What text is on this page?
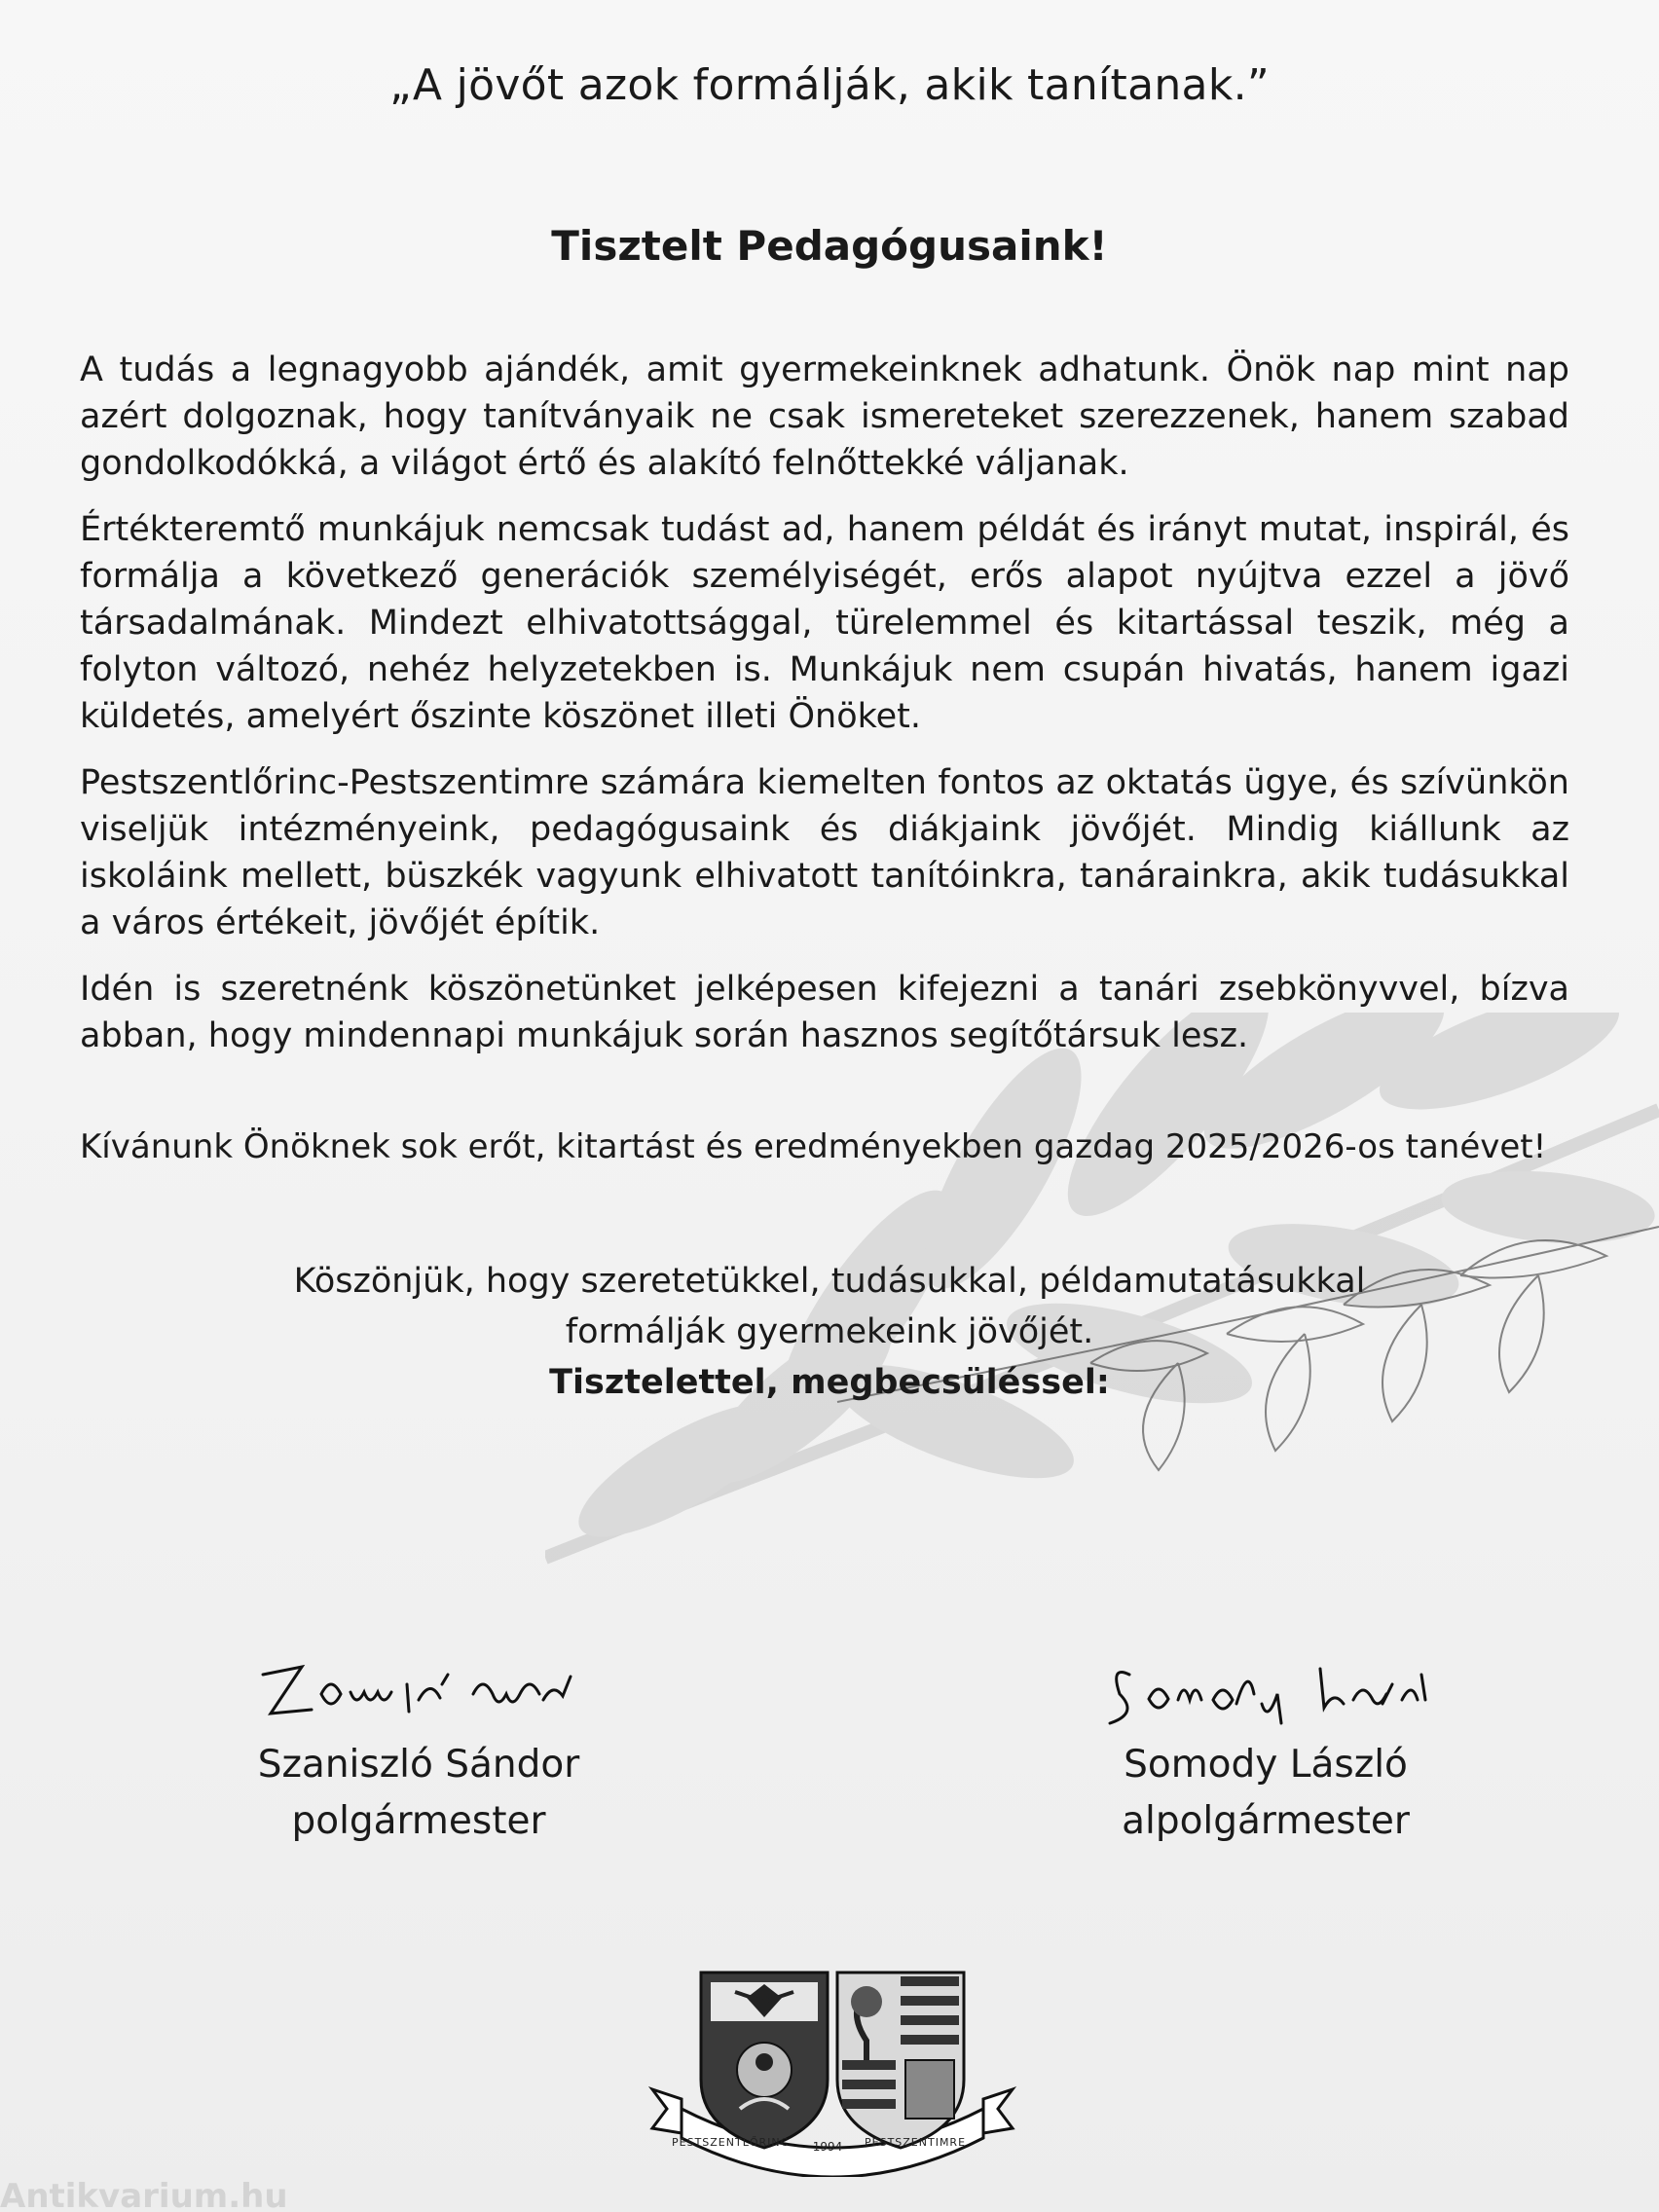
„A jövőt azok formálják, akik tanítanak.”
Tisztelt Pedagógusaink!

A tudás a legnagyobb ajándék, amit gyermekeinknek adhatunk. Önök nap mint nap azért dolgoznak, hogy tanítványaik ne csak ismereteket szerezzenek, hanem szabad gondolkodókká, a világot értő és alakító felnőttekké váljanak.

Értékteremtő munkájuk nemcsak tudást ad, hanem példát és irányt mutat, inspirál, és formálja a következő generációk személyiségét, erős alapot nyújtva ezzel a jövő társadalmának. Mindezt elhivatottsággal, türelemmel és kitartással teszik, még a folyton változó, nehéz helyzetekben is. Munkájuk nem csupán hivatás, hanem igazi küldetés, amelyért őszinte köszönet illeti Önöket.

Pestszentlőrinc-Pestszentimre számára kiemelten fontos az oktatás ügye, és szívünkön viseljük intézményeink, pedagógusaink és diákjaink jövőjét. Mindig kiállunk az iskoláink mellett, büszkék vagyunk elhivatott tanítóinkra, tanárainkra, akik tudásukkal a város értékeit, jövőjét építik.

Idén is szeretnénk köszönetünket jelképesen kifejezni a tanári zsebkönyvvel, bízva abban, hogy mindennapi munkájuk során hasznos segítőtársuk lesz.

Kívánunk Önöknek sok erőt, kitartást és eredményekben gazdag 2025/2026-os tanévet!
Köszönjük, hogy szeretetükkel, tudásukkal, példamutatásukkal
formálják gyermekeink jövőjét.
Tisztelettel, megbecsüléssel:
Szaniszló Sándor
polgármester
Somody László
alpolgármester
PESTSZENTLŐRINC	1994	PESTSZENTIMRE
Antikvarium.hu
